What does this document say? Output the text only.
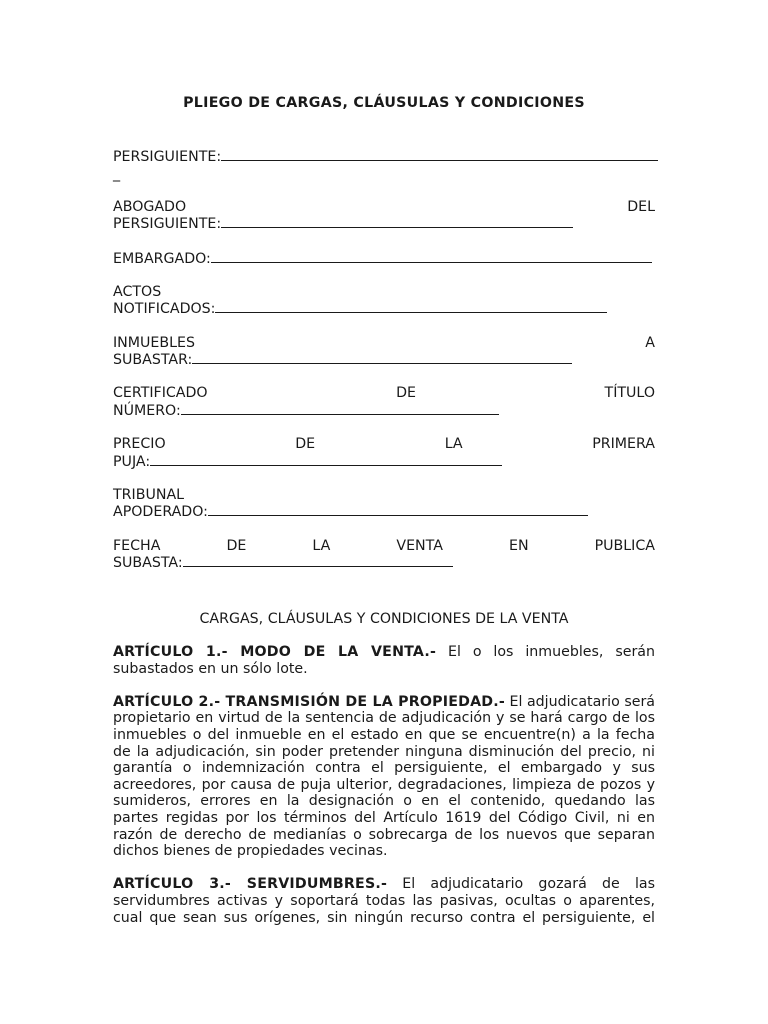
PLIEGO DE CARGAS, CLÁUSULAS Y CONDICIONES
PERSIGUIENTE:
_
ABOGADO	DEL
PERSIGUIENTE:
EMBARGADO:
ACTOS
NOTIFICADOS:
INMUEBLES	A
SUBASTAR:
CERTIFICADO	DE	TÍTULO
NÚMERO:
PRECIO	DE	LA	PRIMERA
PUJA:
TRIBUNAL
APODERADO:
FECHA	DE	LA	VENTA	EN	PUBLICA
SUBASTA:

ARTÍCULO 1.- MODO DE LA VENTA.- El o los inmuebles, serán subastados en un sólo lote.

ARTÍCULO 2.- TRANSMISIÓN DE LA PROPIEDAD.- El adjudicatario será propietario en virtud de la sentencia de adjudicación y se hará cargo de los inmuebles o del inmueble en el estado en que se encuentre(n) a la fecha de la adjudicación, sin poder pretender ninguna disminución del precio, ni garantía o indemnización contra el persiguiente, el embargado y sus acreedores, por causa de puja ulterior, degradaciones, limpieza de pozos y sumideros, errores en la designación o en el contenido, quedando las partes regidas por los términos del Artículo 1619 del Código Civil, ni en razón de derecho de medianías o sobrecarga de los nuevos que separan dichos bienes de propiedades vecinas.

ARTÍCULO 3.- SERVIDUMBRES.- El adjudicatario gozará de las servidumbres activas y soportará todas las pasivas, ocultas o aparentes, cual que sean sus orígenes, sin ningún recurso contra el persiguiente, el

CARGAS, CLÁUSULAS Y CONDICIONES DE LA VENTA
